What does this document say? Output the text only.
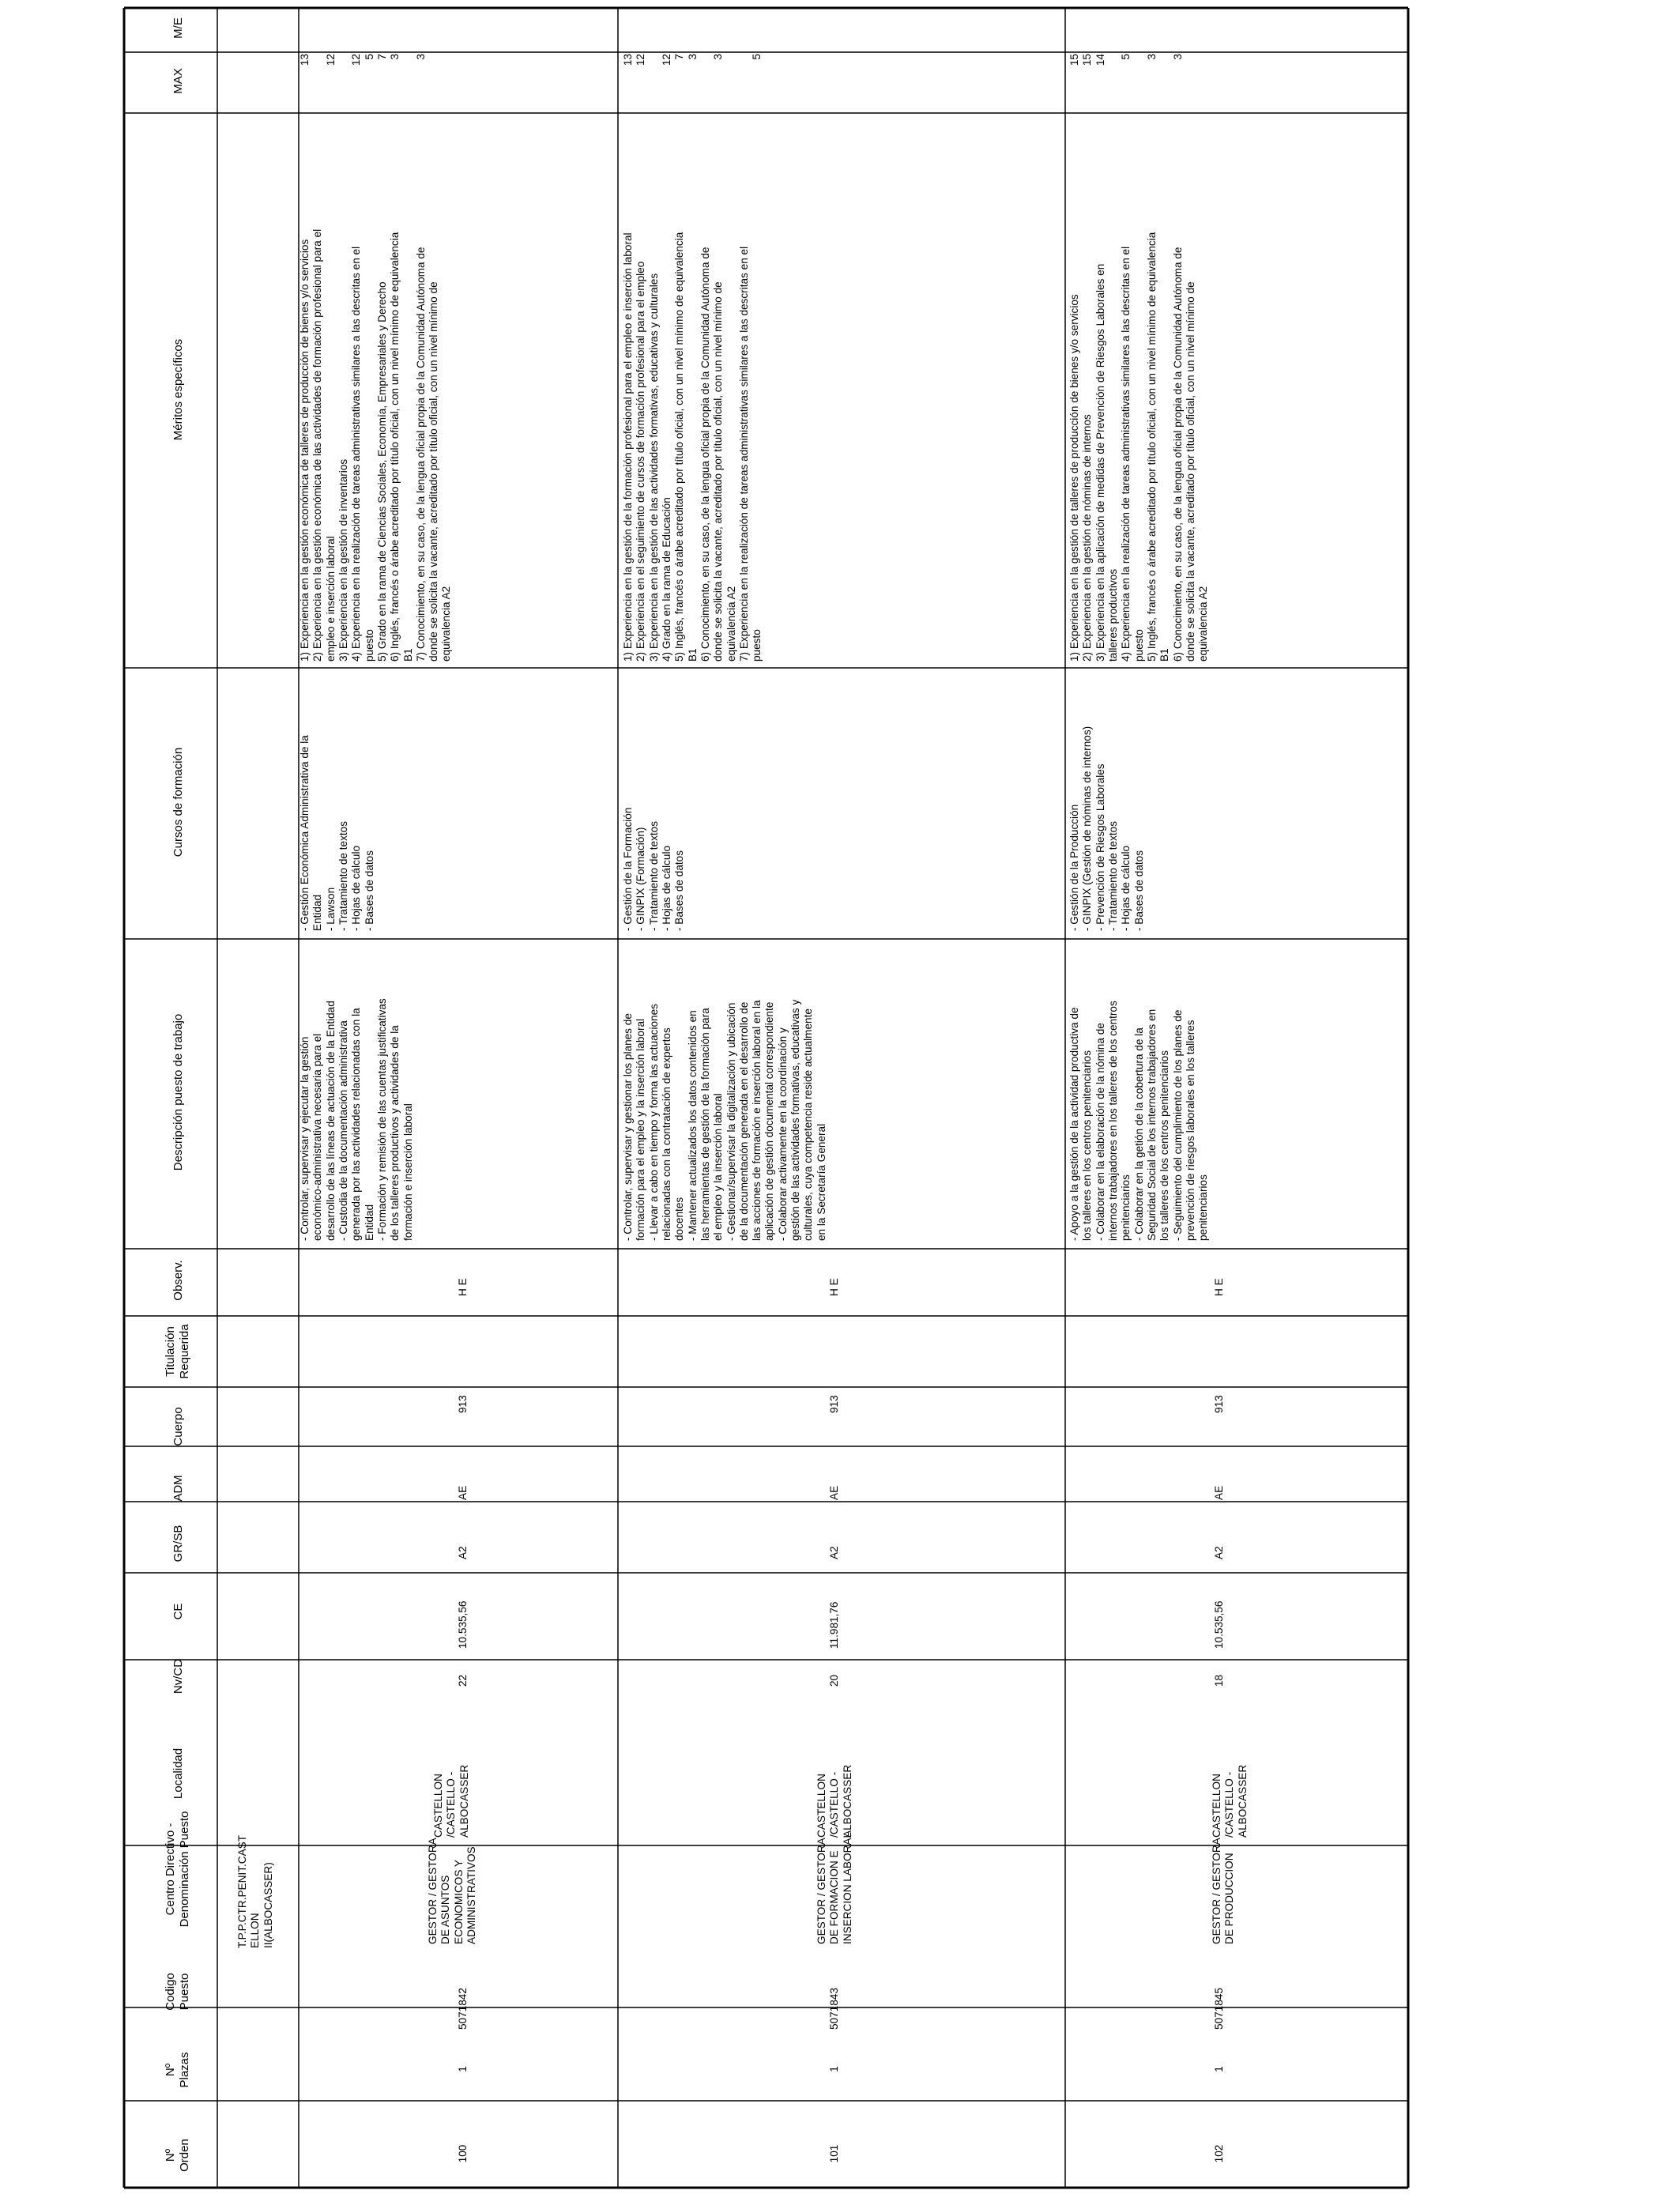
Nº
Orden
Nº
Plazas
Codigo
Puesto
Centro Directivo -
Denominación Puesto
Localidad
Nv/CD
CE
GR/SB
ADM
Cuerpo
Titulación
Requerida
Observ.
Descripción puesto de trabajo
Cursos de formación
Méritos específicos
MAX
M/E
T.P.P.CTR.PENIT.CAST
ELLON
II(ALBOCASSER)
100
1
5071842
GESTOR / GESTORA
DE ASUNTOS
ECONOMICOS Y
ADMINISTRATIVOS
CASTELLON
/CASTELLO -
ALBOCASSER
22
10.535,56
A2
AE
913
H E
- Controlar, supervisar y ejecutar la gestión
económico-administrativa necesaria para el
desarrollo de las líneas de actuación de la Entidad
- Custodia de la documentación administrativa
generada por las actividades relacionadas con la
Entidad
- Formación y remisión de las cuentas justificativas
de los talleres productivos y actividades de la
formación e inserción laboral
- Gestión Económica Administrativa de la
Entidad
- Lawson
- Tratamiento de textos
- Hojas de cálculo
- Bases de datos
1) Experiencia en la gestión económica de talleres de producción de bienes y/o servicios
2) Experiencia en la gestión económica de las actividades de formación profesional para el
empleo e inserción laboral
3) Experiencia en la gestión de inventarios
4) Experiencia en la realización de tareas administrativas similares a las descritas en el
puesto
5) Grado en la rama de Ciencias Sociales, Economía, Empresariales y Derecho
6) Inglés, francés o árabe acreditado por título oficial, con un nivel mínimo de equivalencia
B1
7) Conocimiento, en su caso, de la lengua oficial propia de la Comunidad Autónoma de
donde se solicita la vacante, acreditado por título oficial, con un nivel mínimo de
equivalencia A2
13

12

12
5
7
3

3
101
1
5071843
GESTOR / GESTORA
DE FORMACION E
INSERCION LABORAL
CASTELLON
/CASTELLO -
ALBOCASSER
20
11.981,76
A2
AE
913
H E
- Controlar, supervisar y gestionar los planes de
formación para el empleo y la inserción laboral
- Llevar a cabo en tiempo y forma las actuaciones
relacionadas con la contratación de expertos
docentes
- Mantener actualizados los datos contenidos en
las herramientas de gestión de la formación para
el empleo y la inserción laboral
- Gestionar/supervisar la digitalización y ubicación
de la documentación generada en el desarrollo de
las acciones de formación e inserción laboral en la
aplicación de gestión documental correspondiente
- Colaborar activamente en la coordinación y
gestión de las actividades formativas, educativas y
culturales, cuya competencia reside actualmente
en la Secretaría General
- Gestión de la Formación
- GINPIX (Formación)
- Tratamiento de textos
- Hojas de cálculo
- Bases de datos
1) Experiencia en la gestión de la formación profesional para el empleo e inserción laboral
2) Experiencia en el seguimiento de cursos de formación profesional para el empleo
3) Experiencia en la gestión de las actividades formativas, educativas y culturales
4) Grado en la rama de Educación
5) Inglés, francés o árabe acreditado por título oficial, con un nivel mínimo de equivalencia
B1
6) Conocimiento, en su caso, de la lengua oficial propia de la Comunidad Autónoma de
donde se solicita la vacante, acreditado por título oficial, con un nivel mínimo de
equivalencia A2
7) Experiencia en la realización de tareas administrativas similares a las descritas en el
puesto
13
12

12
7
3

3

5
102
1
5071845
GESTOR / GESTORA
DE PRODUCCION
CASTELLON
/CASTELLO -
ALBOCASSER
18
10.535,56
A2
AE
913
H E
- Apoyo a la gestión de la actividad productiva de
los talleres en los centros penitenciarios
- Colaborar en la elaboración de la nómina de
internos trabajadores en los talleres de los centros
penitenciarios
- Colaborar en la getión de la cobertura de la
Seguridad Social de los internos trabajadores en
los talleres de los centros penitenciarios
- Seguimiento del cumplimiento de los planes de
prevención de riesgos laborales en los talleres
penitenciarios
- Gestión de la Producción
- GINPIX (Gestión de nóminas de internos)
- Prevención de Riesgos Laborales
- Tratamiento de textos
- Hojas de cálculo
- Bases de datos
1) Experiencia en la gestión de talleres de producción de bienes y/o servicios
2) Experiencia en la gestión de nóminas de internos
3) Experiencia en la aplicación de medidas de Prevención de Riesgos Laborales en
talleres productivos
4) Experiencia en la realización de tareas administrativas similares a las descritas en el
puesto
5) Inglés, francés o árabe acreditado por título oficial, con un nivel mínimo de equivalencia
B1
6) Conocimiento, en su caso, de la lengua oficial propia de la Comunidad Autónoma de
donde se solicita la vacante, acreditado por título oficial, con un nivel mínimo de
equivalencia A2
15
15
14

5

3

3
